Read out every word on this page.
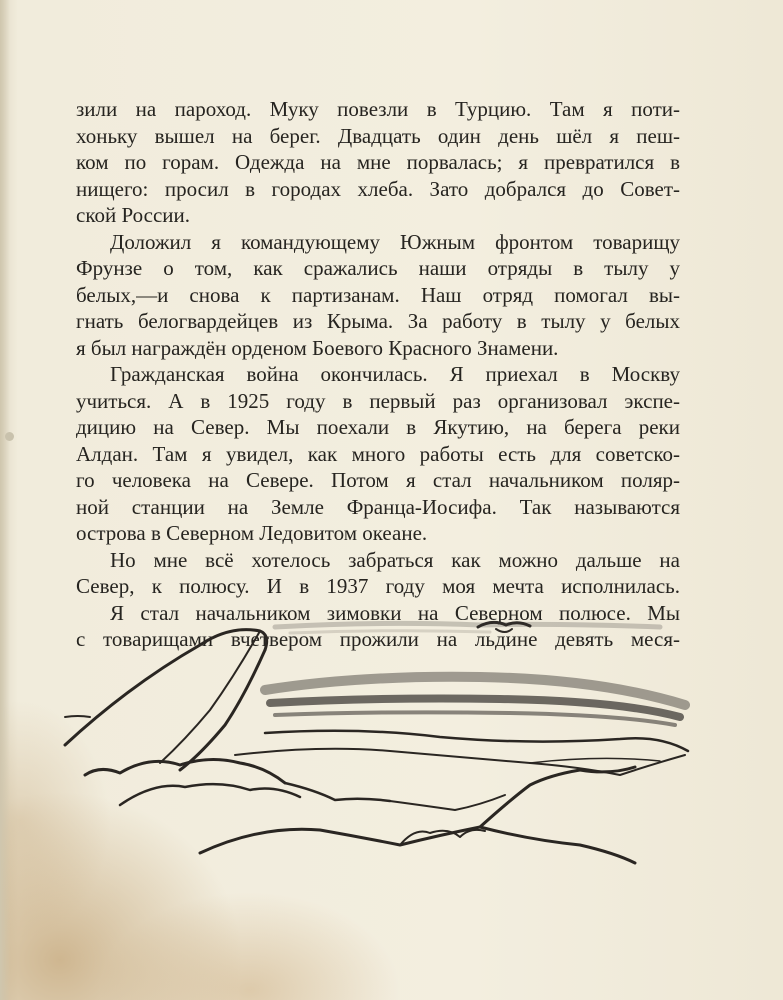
зили на пароход. Муку повезли в Турцию. Там я поти-
хоньку вышел на берег. Двадцать один день шёл я пеш-
ком по горам. Одежда на мне порвалась; я превратился в
нищего: просил в городах хлеба. Зато добрался до Совет-
ской России.
Доложил я командующему Южным фронтом товарищу
Фрунзе о том, как сражались наши отряды в тылу у
белых,—и снова к партизанам. Наш отряд помогал вы-
гнать белогвардейцев из Крыма. За работу в тылу у белых
я был награждён орденом Боевого Красного Знамени.
Гражданская война окончилась. Я приехал в Москву
учиться. А в 1925 году в первый раз организовал экспе-
дицию на Север. Мы поехали в Якутию, на берега реки
Алдан. Там я увидел, как много работы есть для советско-
го человека на Севере. Потом я стал начальником поляр-
ной станции на Земле Франца-Иосифа. Так называются
острова в Северном Ледовитом океане.
Но мне всё хотелось забраться как можно дальше на
Север, к полюсу. И в 1937 году моя мечта исполнилась.
Я стал начальником зимовки на Северном полюсе. Мы
с товарищами вчетвером прожили на льдине девять меся-
